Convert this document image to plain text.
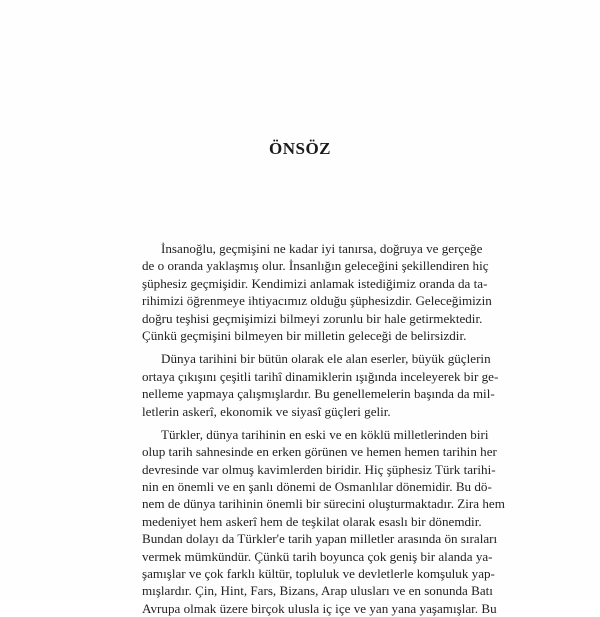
ÖNSÖZ
İnsanoğlu, geçmişini ne kadar iyi tanırsa, doğruya ve gerçeğe
de o oranda yaklaşmış olur. İnsanlığın geleceğini şekillendiren hiç
şüphesiz geçmişidir. Kendimizi anlamak istediğimiz oranda da ta-
rihimizi öğrenmeye ihtiyacımız olduğu şüphesizdir. Geleceğimizin
doğru teşhisi geçmişimizi bilmeyi zorunlu bir hale getirmektedir.
Çünkü geçmişini bilmeyen bir milletin geleceği de belirsizdir.
Dünya tarihini bir bütün olarak ele alan eserler, büyük güçlerin
ortaya çıkışını çeşitli tarihî dinamiklerin ışığında inceleyerek bir ge-
nelleme yapmaya çalışmışlardır. Bu genellemelerin başında da mil-
letlerin askerî, ekonomik ve siyasî güçleri gelir.
Türkler, dünya tarihinin en eski ve en köklü milletlerinden biri
olup tarih sahnesinde en erken görünen ve hemen hemen tarihin her
devresinde var olmuş kavimlerden biridir. Hiç şüphesiz Türk tarihi-
nin en önemli ve en şanlı dönemi de Osmanlılar dönemidir. Bu dö-
nem de dünya tarihinin önemli bir sürecini oluşturmaktadır. Zira hem
medeniyet hem askerî hem de teşkilat olarak esaslı bir dönemdir.
Bundan dolayı da Türkler'e tarih yapan milletler arasında ön sıraları
vermek mümkündür. Çünkü tarih boyunca çok geniş bir alanda ya-
şamışlar ve çok farklı kültür, topluluk ve devletlerle komşuluk yap-
mışlardır. Çin, Hint, Fars, Bizans, Arap ulusları ve en sonunda Batı
Avrupa olmak üzere birçok ulusla iç içe ve yan yana yaşamışlar. Bu
